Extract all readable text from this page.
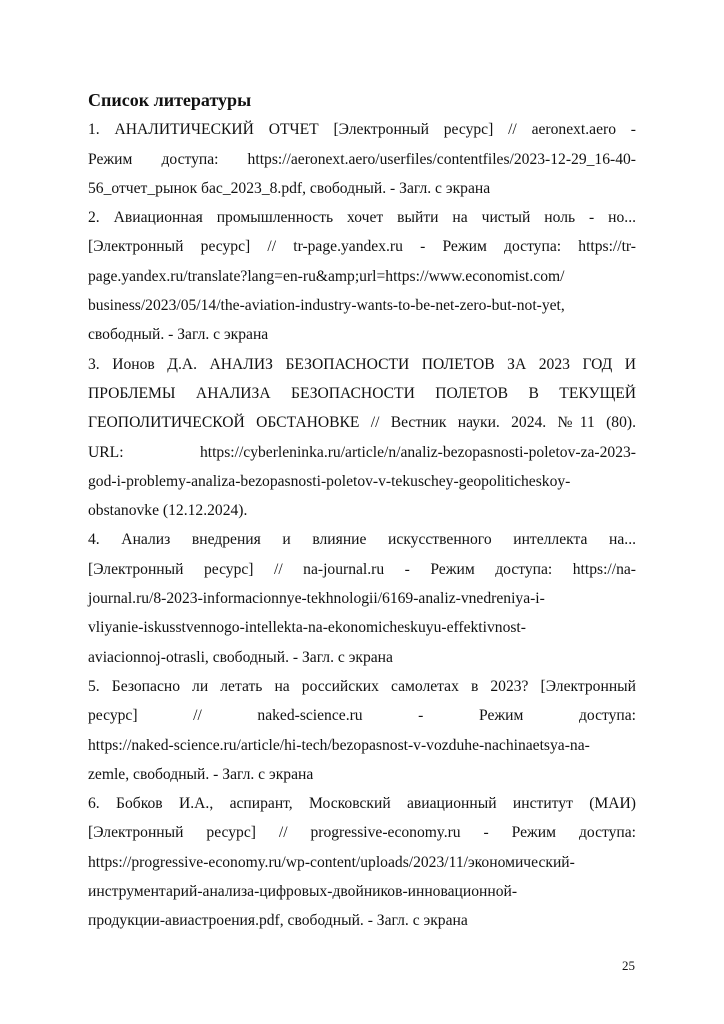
Список литературы
1. АНАЛИТИЧЕСКИЙ ОТЧЕТ [Электронный ресурс] // aeronext.aero -
Режим доступа: https://aeronext.aero/userfiles/contentfiles/2023-12-29_16-40-
56_отчет_рынок бас_2023_8.pdf, свободный. - Загл. с экрана
2. Авиационная промышленность хочет выйти на чистый ноль - но...
[Электронный ресурс] // tr-page.yandex.ru - Режим доступа: https://tr-
page.yandex.ru/translate?lang=en-ru&amp;url=https://www.economist.com/
business/2023/05/14/the-aviation-industry-wants-to-be-net-zero-but-not-yet,
свободный. - Загл. с экрана
3. Ионов Д.А. АНАЛИЗ БЕЗОПАСНОСТИ ПОЛЕТОВ ЗА 2023 ГОД И
ПРОБЛЕМЫ АНАЛИЗА БЕЗОПАСНОСТИ ПОЛЕТОВ В ТЕКУЩЕЙ
ГЕОПОЛИТИЧЕСКОЙ ОБСТАНОВКЕ // Вестник науки. 2024. №11 (80).
URL: https://cyberleninka.ru/article/n/analiz-bezopasnosti-poletov-za-2023-
god-i-problemy-analiza-bezopasnosti-poletov-v-tekuschey-geopoliticheskoy-
obstanovke (12.12.2024).
4. Анализ внедрения и влияние искусственного интеллекта на...
[Электронный ресурс] // na-journal.ru - Режим доступа: https://na-
journal.ru/8-2023-informacionnye-tekhnologii/6169-analiz-vnedreniya-i-
vliyanie-iskusstvennogo-intellekta-na-ekonomicheskuyu-effektivnost-
aviacionnoj-otrasli, свободный. - Загл. с экрана
5. Безопасно ли летать на российских самолетах в 2023? [Электронный
ресурс] // naked-science.ru - Режим доступа:
https://naked-science.ru/article/hi-tech/bezopasnost-v-vozduhe-nachinaetsya-na-
zemle, свободный. - Загл. с экрана
6. Бобков И.А., аспирант, Московский авиационный институт (МАИ)
[Электронный ресурс] // progressive-economy.ru - Режим доступа:
https://progressive-economy.ru/wp-content/uploads/2023/11/экономический-
инструментарий-анализа-цифровых-двойников-инновационной-
продукции-авиастроения.pdf, свободный. - Загл. с экрана
25
